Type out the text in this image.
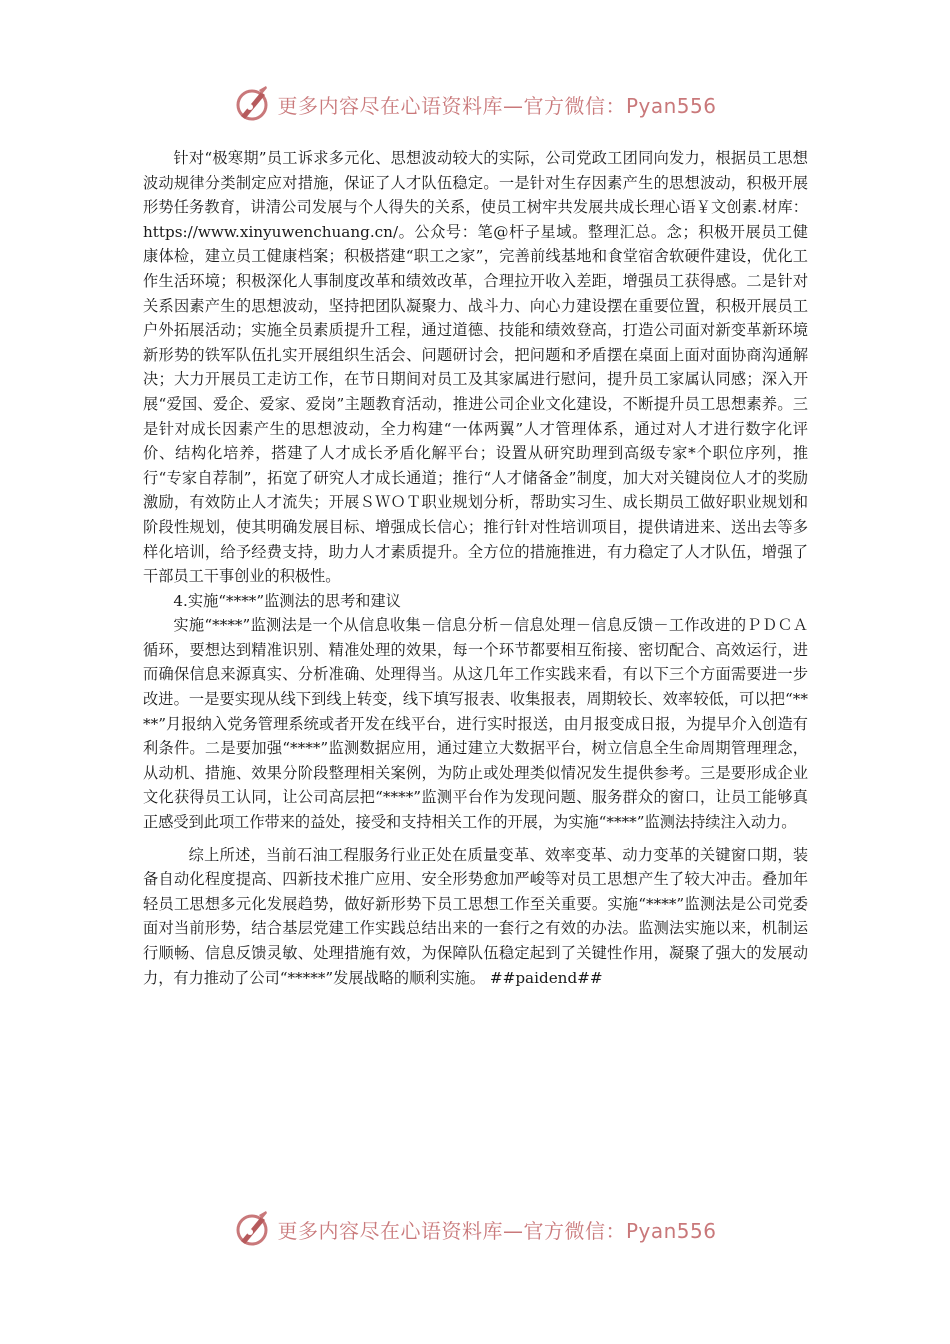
更多内容尽在心语资料库—官方微信：Pyan556

针对“极寒期”员工诉求多元化、思想波动较大的实际，公司党政工团同向发力，根据员工思想波动规律分类制定应对措施，保证了人才队伍稳定。一是针对生存因素产生的思想波动，积极开展形势任务教育，讲清公司发展与个人得失的关系，使员工树牢共发展共成长理心语￥文创素.材库：https://www.xinyuwenchuang.cn/。公众号：笔@杆子星域。整理汇总。念；积极开展员工健康体检，建立员工健康档案；积极搭建“职工之家”，完善前线基地和食堂宿舍软硬件建设，优化工作生活环境；积极深化人事制度改革和绩效改革，合理拉开收入差距，增强员工获得感。二是针对关系因素产生的思想波动，坚持把团队凝聚力、战斗力、向心力建设摆在重要位置，积极开展员工户外拓展活动；实施全员素质提升工程，通过道德、技能和绩效登高，打造公司面对新变革新环境新形势的铁军队伍扎实开展组织生活会、问题研讨会，把问题和矛盾摆在桌面上面对面协商沟通解决；大力开展员工走访工作，在节日期间对员工及其家属进行慰问，提升员工家属认同感；深入开展“爱国、爱企、爱家、爱岗”主题教育活动，推进公司企业文化建设，不断提升员工思想素养。三是针对成长因素产生的思想波动，全力构建“一体两翼”人才管理体系，通过对人才进行数字化评价、结构化培养，搭建了人才成长矛盾化解平台；设置从研究助理到高级专家*个职位序列，推行“专家自荐制”，拓宽了研究人才成长通道；推行“人才储备金”制度，加大对关键岗位人才的奖励激励，有效防止人才流失；开展ＳＷＯＴ职业规划分析，帮助实习生、成长期员工做好职业规划和阶段性规划，使其明确发展目标、增强成长信心；推行针对性培训项目，提供请进来、送出去等多样化培训，给予经费支持，助力人才素质提升。全方位的措施推进，有力稳定了人才队伍，增强了干部员工干事创业的积极性。

4.实施“****”监测法的思考和建议

实施“****”监测法是一个从信息收集－信息分析－信息处理－信息反馈－工作改进的ＰＤＣＡ循环，要想达到精准识别、精准处理的效果，每一个环节都要相互衔接、密切配合、高效运行，进而确保信息来源真实、分析准确、处理得当。从这几年工作实践来看，有以下三个方面需要进一步改进。一是要实现从线下到线上转变，线下填写报表、收集报表，周期较长、效率较低，可以把“****”月报纳入党务管理系统或者开发在线平台，进行实时报送，由月报变成日报，为提早介入创造有利条件。二是要加强“****”监测数据应用，通过建立大数据平台，树立信息全生命周期管理理念，从动机、措施、效果分阶段整理相关案例，为防止或处理类似情况发生提供参考。三是要形成企业文化获得员工认同，让公司高层把“****”监测平台作为发现问题、服务群众的窗口，让员工能够真正感受到此项工作带来的益处，接受和支持相关工作的开展，为实施“****”监测法持续注入动力。

综上所述，当前石油工程服务行业正处在质量变革、效率变革、动力变革的关键窗口期，装备自动化程度提高、四新技术推广应用、安全形势愈加严峻等对员工思想产生了较大冲击。叠加年轻员工思想多元化发展趋势，做好新形势下员工思想工作至关重要。实施“****”监测法是公司党委面对当前形势，结合基层党建工作实践总结出来的一套行之有效的办法。监测法实施以来，机制运行顺畅、信息反馈灵敏、处理措施有效，为保障队伍稳定起到了关键性作用，凝聚了强大的发展动力，有力推动了公司“*****”发展战略的顺利实施。 ##paidend##

更多内容尽在心语资料库—官方微信：Pyan556
